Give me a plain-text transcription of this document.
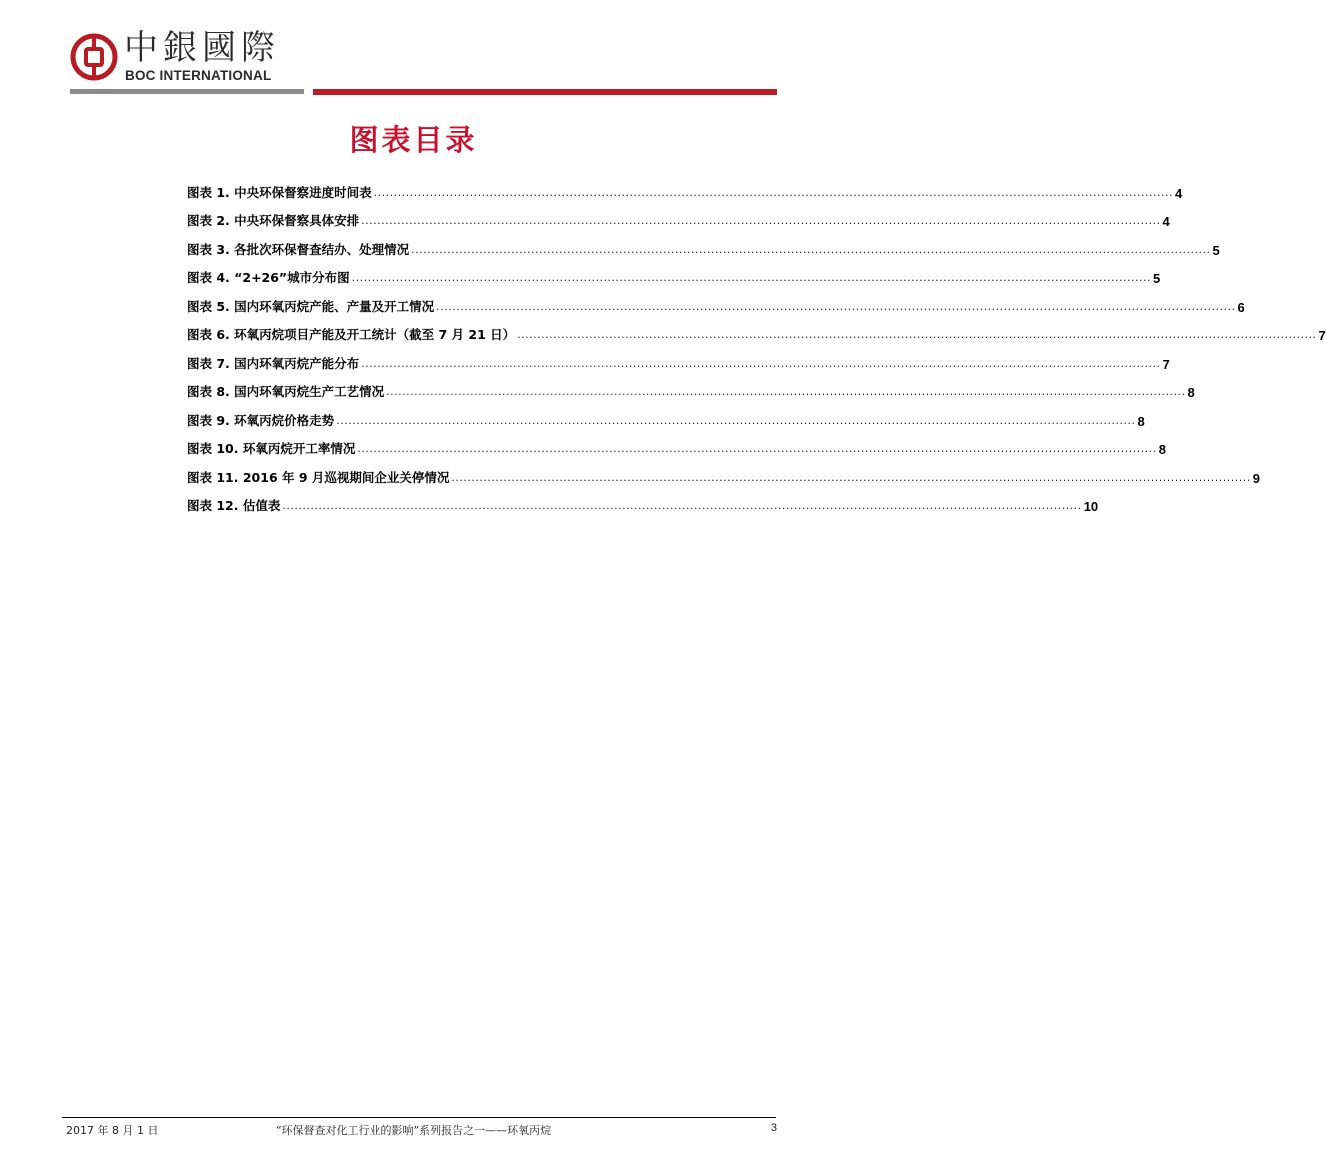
中銀國際
BOC INTERNATIONAL
图表目录
图表 1. 中央环保督察进度时间表 ........................................................................................................................................................................................................ 4
图表 2. 中央环保督察具体安排 ........................................................................................................................................................................................................ 4
图表 3. 各批次环保督查结办、处理情况 ........................................................................................................................................................................................................ 5
图表 4. “2+26”城市分布图 ........................................................................................................................................................................................................ 5
图表 5. 国内环氧丙烷产能、产量及开工情况 ........................................................................................................................................................................................................ 6
图表 6. 环氧丙烷项目产能及开工统计（截至 7 月 21 日） ........................................................................................................................................................................................................ 7
图表 7. 国内环氧丙烷产能分布 ........................................................................................................................................................................................................ 7
图表 8. 国内环氧丙烷生产工艺情况 ........................................................................................................................................................................................................ 8
图表 9. 环氧丙烷价格走势 ........................................................................................................................................................................................................ 8
图表 10. 环氧丙烷开工率情况 ........................................................................................................................................................................................................ 8
图表 11. 2016 年 9 月巡视期间企业关停情况 ........................................................................................................................................................................................................ 9
图表 12. 估值表 ........................................................................................................................................................................................................ 10
2017 年 8 月 1 日	“环保督查对化工行业的影响”系列报告之一——环氧丙烷	3
